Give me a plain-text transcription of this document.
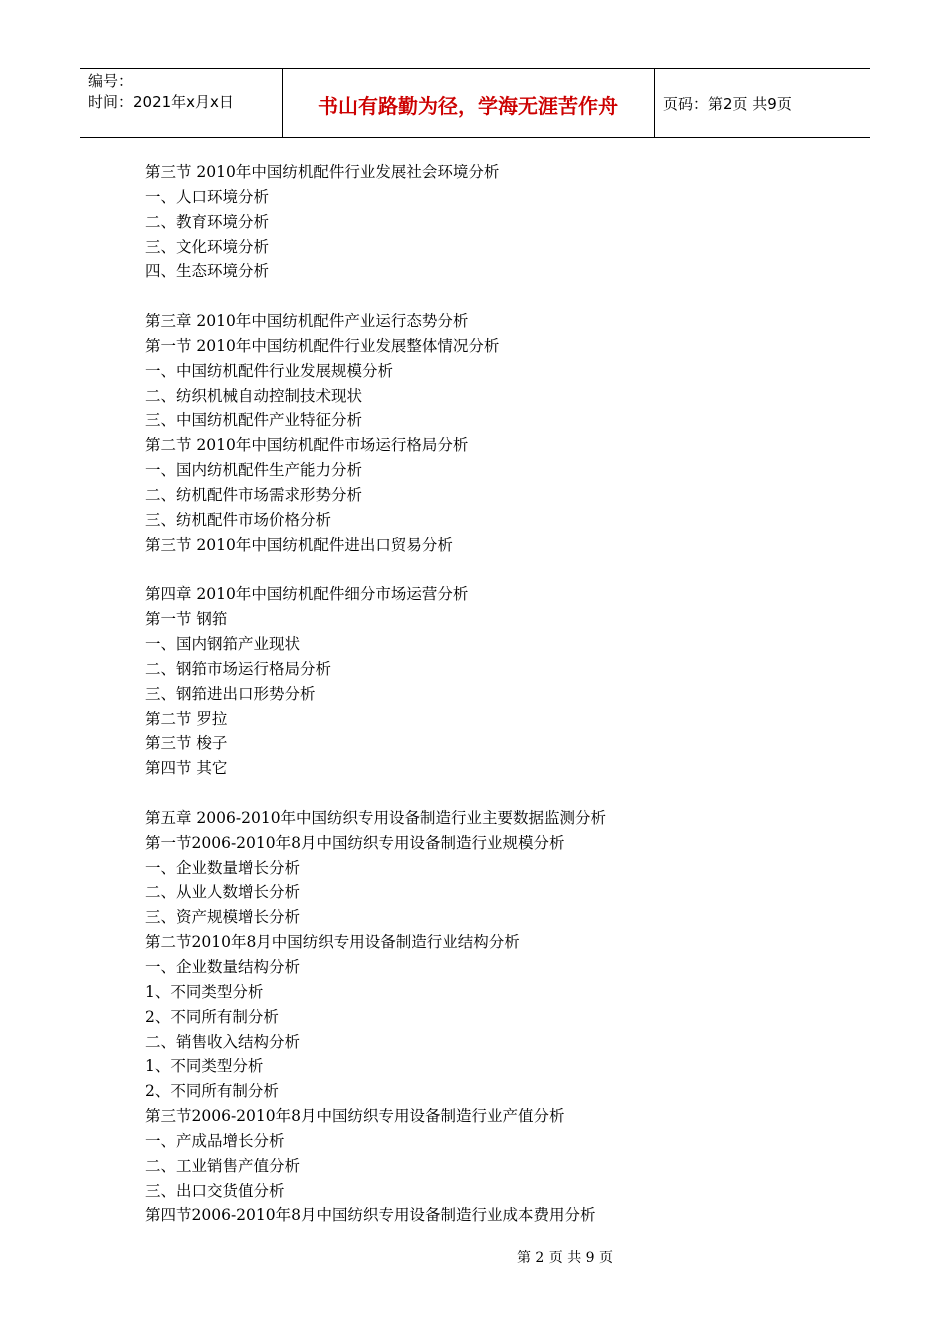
编号：
时间：2021年x月x日	书山有路勤为径，学海无涯苦作舟	页码：第2页 共9页
第三节 2010年中国纺机配件行业发展社会环境分析
一、人口环境分析
二、教育环境分析
三、文化环境分析
四、生态环境分析
第三章 2010年中国纺机配件产业运行态势分析
第一节 2010年中国纺机配件行业发展整体情况分析
一、中国纺机配件行业发展规模分析
二、纺织机械自动控制技术现状
三、中国纺机配件产业特征分析
第二节 2010年中国纺机配件市场运行格局分析
一、国内纺机配件生产能力分析
二、纺机配件市场需求形势分析
三、纺机配件市场价格分析
第三节 2010年中国纺机配件进出口贸易分析
第四章 2010年中国纺机配件细分市场运营分析
第一节 钢筘
一、国内钢筘产业现状
二、钢筘市场运行格局分析
三、钢筘进出口形势分析
第二节 罗拉
第三节 梭子
第四节 其它
第五章 2006-2010年中国纺织专用设备制造行业主要数据监测分析
第一节2006-2010年8月中国纺织专用设备制造行业规模分析
一、企业数量增长分析
二、从业人数增长分析
三、资产规模增长分析
第二节2010年8月中国纺织专用设备制造行业结构分析
一、企业数量结构分析
1、不同类型分析
2、不同所有制分析
二、销售收入结构分析
1、不同类型分析
2、不同所有制分析
第三节2006-2010年8月中国纺织专用设备制造行业产值分析
一、产成品增长分析
二、工业销售产值分析
三、出口交货值分析
第四节2006-2010年8月中国纺织专用设备制造行业成本费用分析
第 2 页 共 9 页
